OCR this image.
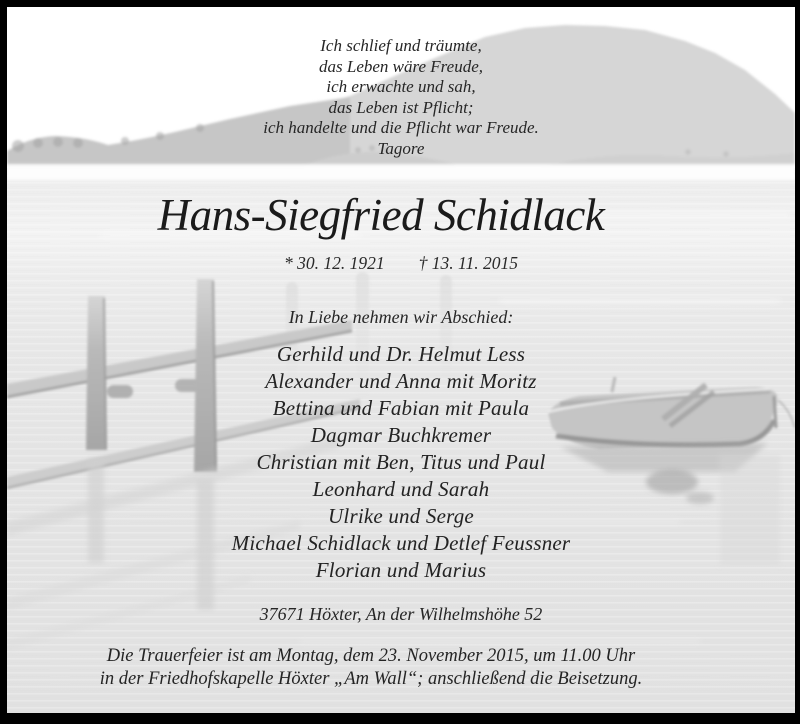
Ich schlief und träumte,
das Leben wäre Freude,
ich erwachte und sah,
das Leben ist Pflicht;
ich handelte und die Pflicht war Freude.
Tagore
Hans-Siegfried Schidlack
* 30. 12. 1921 † 13. 11. 2015
In Liebe nehmen wir Abschied:
Gerhild und Dr. Helmut Less
Alexander und Anna mit Moritz
Bettina und Fabian mit Paula
Dagmar Buchkremer
Christian mit Ben, Titus und Paul
Leonhard und Sarah
Ulrike und Serge
Michael Schidlack und Detlef Feussner
Florian und Marius
37671 Höxter, An der Wilhelmshöhe 52
Die Trauerfeier ist am Montag, dem 23. November 2015, um 11.00 Uhr
in der Friedhofskapelle Höxter „Am Wall“; anschließend die Beisetzung.
